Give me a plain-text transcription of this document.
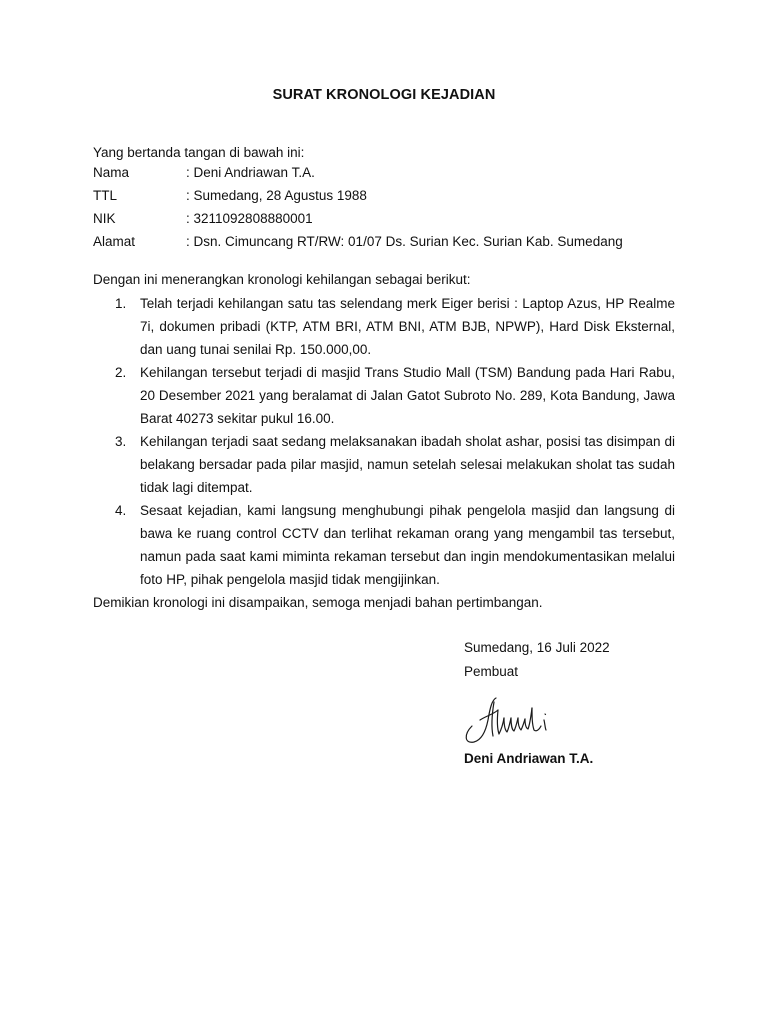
SURAT KRONOLOGI KEJADIAN
Yang bertanda tangan di bawah ini:
Nama	: Deni Andriawan T.A.
TTL	: Sumedang, 28 Agustus 1988
NIK	: 3211092808880001
Alamat	: Dsn. Cimuncang RT/RW: 01/07 Ds. Surian Kec. Surian Kab. Sumedang
Dengan ini menerangkan kronologi kehilangan sebagai berikut:
1. Telah terjadi kehilangan satu tas selendang merk Eiger berisi : Laptop Azus, HP Realme 7i, dokumen pribadi (KTP, ATM BRI, ATM BNI, ATM BJB, NPWP), Hard Disk Eksternal, dan uang tunai senilai Rp. 150.000,00.
2. Kehilangan tersebut terjadi di masjid Trans Studio Mall (TSM) Bandung pada Hari Rabu, 20 Desember 2021 yang beralamat di Jalan Gatot Subroto No. 289, Kota Bandung, Jawa Barat 40273 sekitar pukul 16.00.
3. Kehilangan terjadi saat sedang melaksanakan ibadah sholat ashar, posisi tas disimpan di belakang bersadar pada pilar masjid, namun setelah selesai melakukan sholat tas sudah tidak lagi ditempat.
4. Sesaat kejadian, kami langsung menghubungi pihak pengelola masjid dan langsung di bawa ke ruang control CCTV dan terlihat rekaman orang yang mengambil tas tersebut, namun pada saat kami miminta rekaman tersebut dan ingin mendokumentasikan melalui foto HP, pihak pengelola masjid tidak mengijinkan.
Demikian kronologi ini disampaikan, semoga menjadi bahan pertimbangan.
Sumedang, 16 Juli 2022
Pembuat
Deni Andriawan T.A.
